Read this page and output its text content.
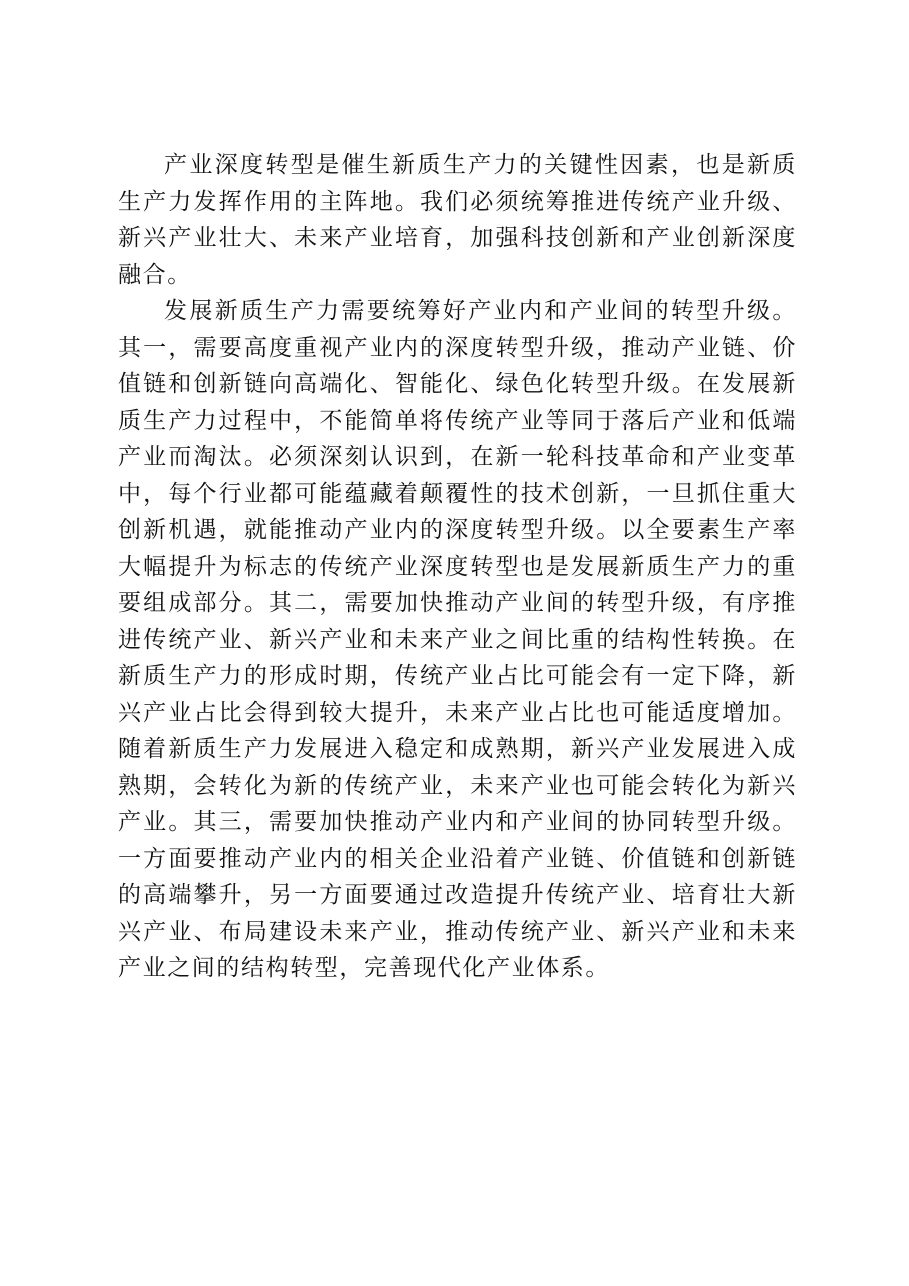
产业深度转型是催生新质生产力的关键性因素，也是新质生产力发挥作用的主阵地。我们必须统筹推进传统产业升级、新兴产业壮大、未来产业培育，加强科技创新和产业创新深度融合。

发展新质生产力需要统筹好产业内和产业间的转型升级。其一，需要高度重视产业内的深度转型升级，推动产业链、价值链和创新链向高端化、智能化、绿色化转型升级。在发展新质生产力过程中，不能简单将传统产业等同于落后产业和低端产业而淘汰。必须深刻认识到，在新一轮科技革命和产业变革中，每个行业都可能蕴藏着颠覆性的技术创新，一旦抓住重大创新机遇，就能推动产业内的深度转型升级。以全要素生产率大幅提升为标志的传统产业深度转型也是发展新质生产力的重要组成部分。其二，需要加快推动产业间的转型升级，有序推进传统产业、新兴产业和未来产业之间比重的结构性转换。在新质生产力的形成时期，传统产业占比可能会有一定下降，新兴产业占比会得到较大提升，未来产业占比也可能适度增加。随着新质生产力发展进入稳定和成熟期，新兴产业发展进入成熟期，会转化为新的传统产业，未来产业也可能会转化为新兴产业。其三，需要加快推动产业内和产业间的协同转型升级。一方面要推动产业内的相关企业沿着产业链、价值链和创新链的高端攀升，另一方面要通过改造提升传统产业、培育壮大新兴产业、布局建设未来产业，推动传统产业、新兴产业和未来产业之间的结构转型，完善现代化产业体系。
